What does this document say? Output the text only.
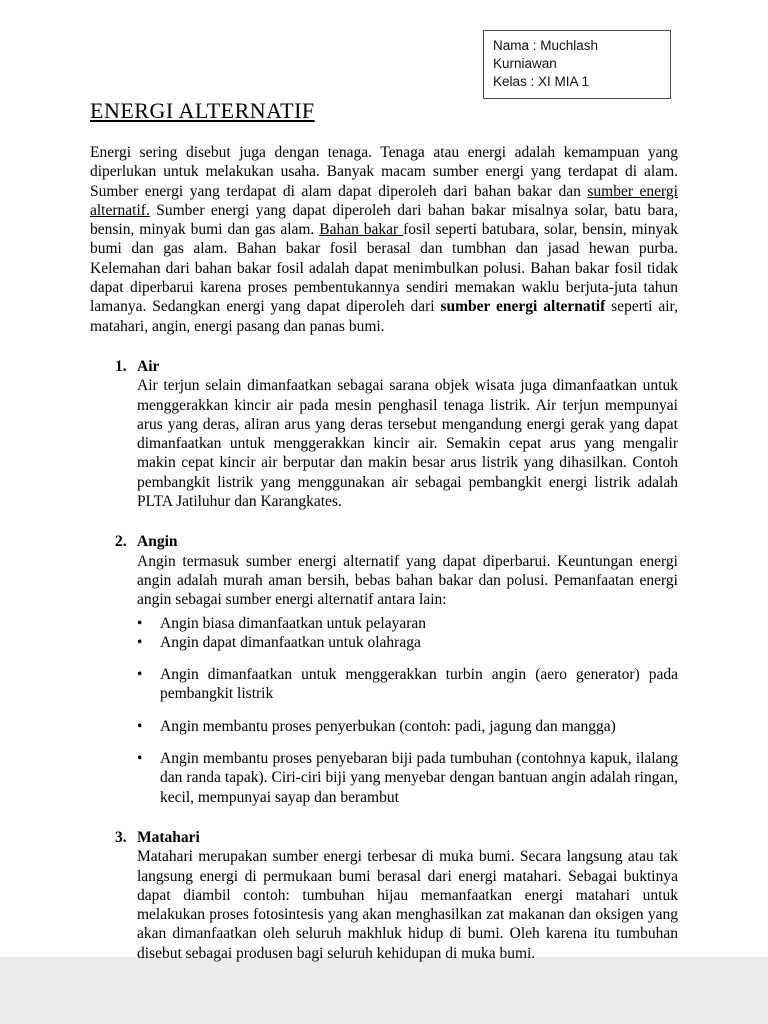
Nama : Muchlash
Kurniawan
Kelas : XI MIA 1
ENERGI ALTERNATIF

Energi sering disebut juga dengan tenaga. Tenaga atau energi adalah kemampuan yang diperlukan untuk melakukan usaha. Banyak macam sumber energi yang terdapat di alam. Sumber energi yang terdapat di alam dapat diperoleh dari bahan bakar dan sumber energi alternatif. Sumber energi yang dapat diperoleh dari bahan bakar misalnya solar, batu bara, bensin, minyak bumi dan gas alam. Bahan bakar fosil seperti batubara, solar, bensin, minyak bumi dan gas alam. Bahan bakar fosil berasal dan tumbhan dan jasad hewan purba. Kelemahan dari bahan bakar fosil adalah dapat menimbulkan polusi. Bahan bakar fosil tidak dapat diperbarui karena proses pembentukannya sendiri memakan waklu berjuta-juta tahun lamanya. Sedangkan energi yang dapat diperoleh dari sumber energi alternatif seperti air, matahari, angin, energi pasang dan panas bumi.

1. Air

Air terjun selain dimanfaatkan sebagai sarana objek wisata juga dimanfaatkan untuk menggerakkan kincir air pada mesin penghasil tenaga listrik. Air terjun mempunyai arus yang deras, aliran arus yang deras tersebut mengandung energi gerak yang dapat dimanfaatkan untuk menggerakkan kincir air. Semakin cepat arus yang mengalir makin cepat kincir air berputar dan makin besar arus listrik yang dihasilkan. Contoh pembangkit listrik yang menggunakan air sebagai pembangkit energi listrik adalah PLTA Jatiluhur dan Karangkates.

2. Angin

Angin termasuk sumber energi alternatif yang dapat diperbarui. Keuntungan energi angin adalah murah aman bersih, bebas bahan bakar dan polusi. Pemanfaatan energi angin sebagai sumber energi alternatif antara lain:

•	Angin biasa dimanfaatkan untuk pelayaran
•	Angin dapat dimanfaatkan untuk olahraga
•	Angin dimanfaatkan untuk menggerakkan turbin angin (aero generator) pada pembangkit listrik
•	Angin membantu proses penyerbukan (contoh: padi, jagung dan mangga)
•	Angin membantu proses penyebaran biji pada tumbuhan (contohnya kapuk, ilalang dan randa tapak). Ciri-ciri biji yang menyebar dengan bantuan angin adalah ringan, kecil, mempunyai sayap dan berambut
3. Matahari

Matahari merupakan sumber energi terbesar di muka bumi. Secara langsung atau tak langsung energi di permukaan bumi berasal dari energi matahari. Sebagai buktinya dapat diambil contoh: tumbuhan hijau memanfaatkan energi matahari untuk melakukan proses fotosintesis yang akan menghasilkan zat makanan dan oksigen yang akan dimanfaatkan oleh seluruh makhluk hidup di bumi. Oleh karena itu tumbuhan disebut sebagai produsen bagi seluruh kehidupan di muka bumi.
